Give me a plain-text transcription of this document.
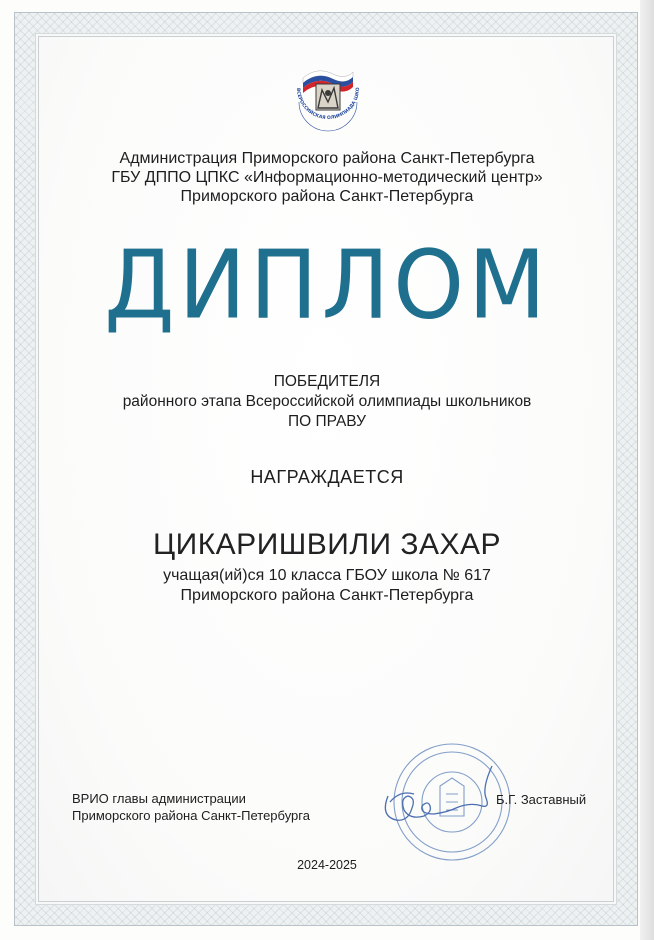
ВСЕРОССИЙСКАЯ ОЛИМПИАДА ШКО
Администрация Приморского района Санкт-Петербурга
ГБУ ДППО ЦПКС «Информационно-методический центр»
Приморского района Санкт-Петербурга
ДИПЛОМ
ПОБЕДИТЕЛЯ
районного этапа Всероссийской олимпиады школьников
ПО ПРАВУ
НАГРАЖДАЕТСЯ
ЦИКАРИШВИЛИ ЗАХАР
учащая(ий)ся 10 класса ГБОУ школа № 617
Приморского района Санкт-Петербурга
ВРИО главы администрации
Приморского района Санкт-Петербурга
Б.Г. Заставный
2024-2025
